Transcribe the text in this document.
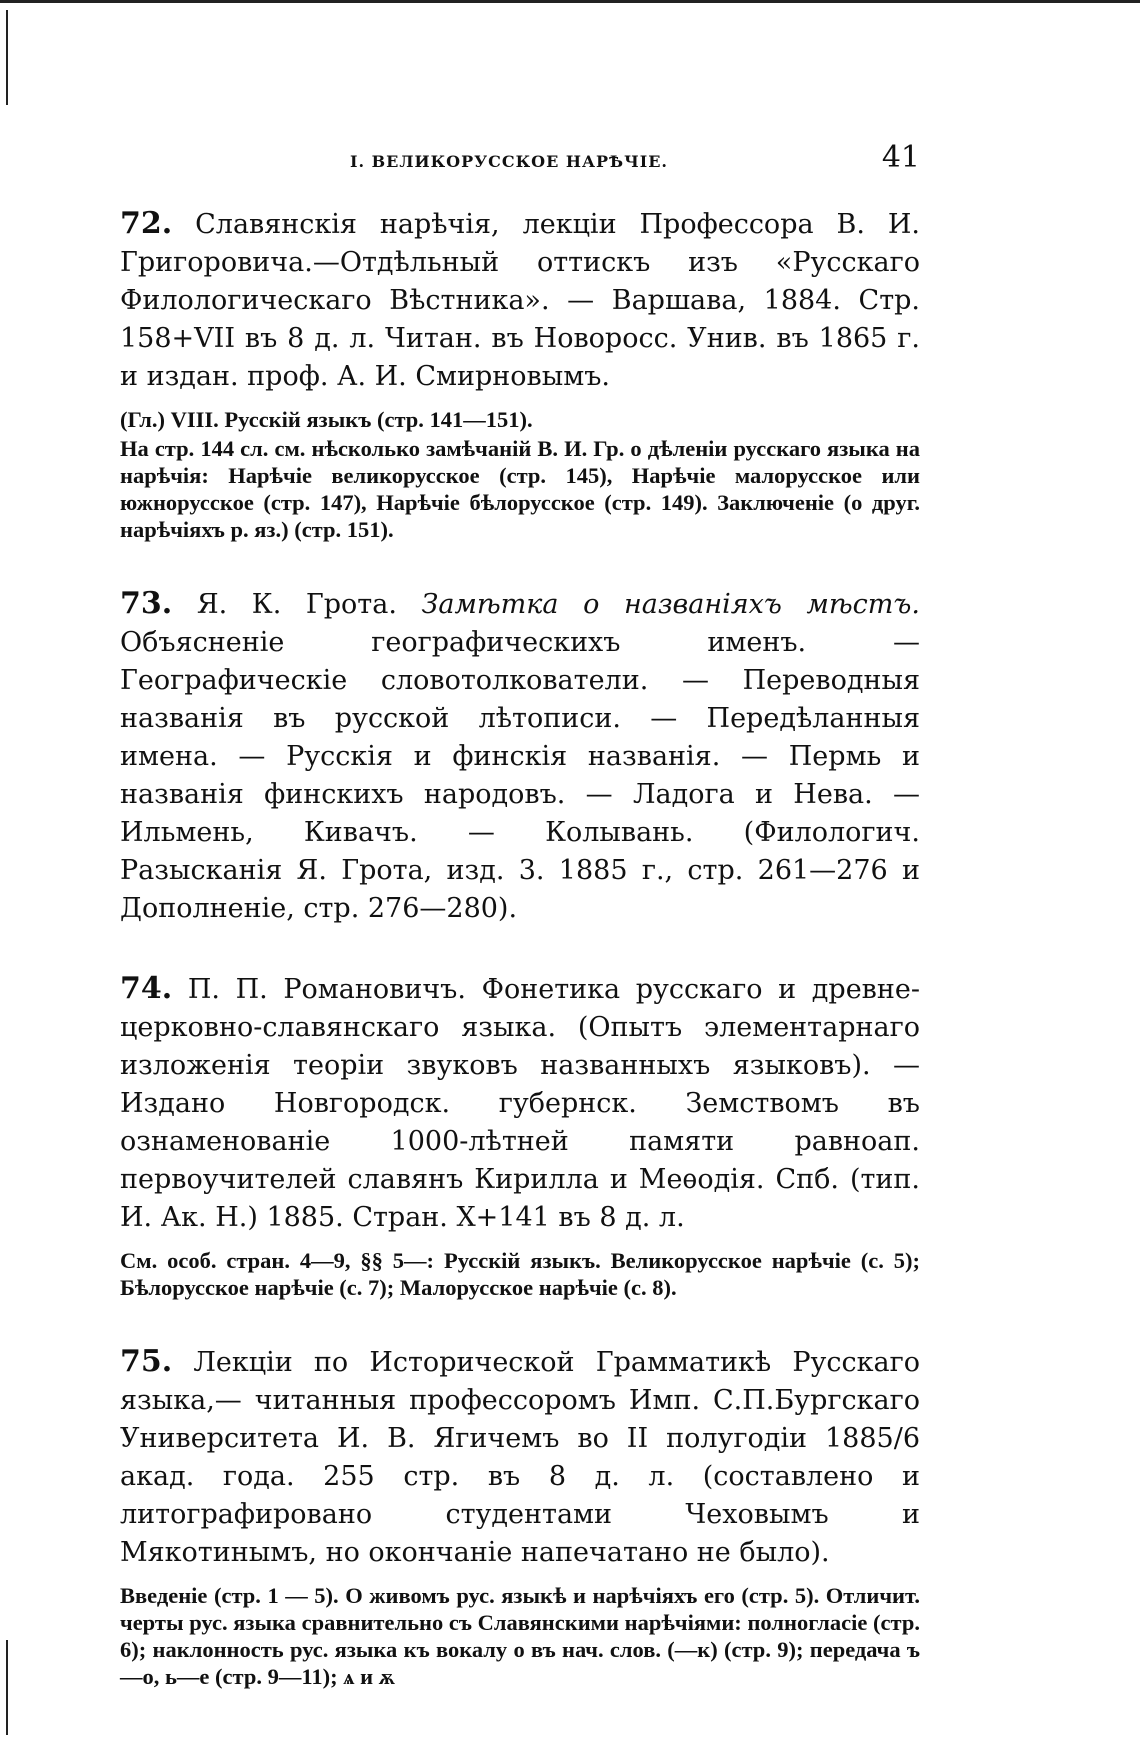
I. ВЕЛИКОРУССКОЕ НАРѢЧІЕ.	41

72. Славянскія нарѣчія, лекціи Профессора В. И. Григоровича.—Отдѣльный оттискъ изъ «Русскаго Филологическаго Вѣстника». — Варшава, 1884. Стр. 158+VII въ 8 д. л. Читан. въ Новоросс. Унив. въ 1865 г. и издан. проф. А. И. Смирновымъ.

(Гл.) VIII. Русскій языкъ (стр. 141—151).

На стр. 144 сл. см. нѣсколько замѣчаній В. И. Гр. о дѣленіи русскаго языка на нарѣчія: Нарѣчіе великорусское (стр. 145), Нарѣчіе малорусское или южнорусское (стр. 147), Нарѣчіе бѣлорусское (стр. 149). Заключеніе (о друг. нарѣчіяхъ р. яз.) (стр. 151).

73. Я. К. Грота. Замѣтка о названіяхъ мѣстъ. Объясненіе географическихъ именъ. — Географическіе словотолкователи. — Переводныя названія въ русской лѣтописи. — Передѣланныя имена. — Русскія и финскія названія. — Пермь и названія финскихъ народовъ. — Ладога и Нева. — Ильмень, Кивачъ. — Колывань. (Филологич. Разысканія Я. Грота, изд. 3. 1885 г., стр. 261—276 и Дополненіе, стр. 276—280).

74. П. П. Романовичъ. Фонетика русскаго и древне-церковно-славянскаго языка. (Опытъ элементарнаго изложенія теоріи звуковъ названныхъ языковъ). — Издано Новгородск. губернск. Земствомъ въ ознаменованіе 1000-лѣтней памяти равноап. первоучителей славянъ Кирилла и Меѳодія. Спб. (тип. И. Ак. Н.) 1885. Стран. X+141 въ 8 д. л.

См. особ. стран. 4—9, §§ 5—: Русскій языкъ. Великорусское нарѣчіе (с. 5); Бѣлорусское нарѣчіе (с. 7); Малорусское нарѣчіе (с. 8).

75. Лекціи по Исторической Грамматикѣ Русскаго языка,— читанныя профессоромъ Имп. С.П.Бургскаго Университета И. В. Ягичемъ во II полугодіи 1885/6 акад. года. 255 стр. въ 8 д. л. (составлено и литографировано студентами Чеховымъ и Мякотинымъ, но окончаніе напечатано не было).

Введеніе (стр. 1 — 5). О живомъ рус. языкѣ и нарѣчіяхъ его (стр. 5). Отличит. черты рус. языка сравнительно съ Славянскими нарѣчіями: полногласіе (стр. 6); наклонность рус. языка къ вокалу о въ нач. слов. (—к) (стр. 9); передача ъ—о, ь—е (стр. 9—11); ѧ и ѫ
